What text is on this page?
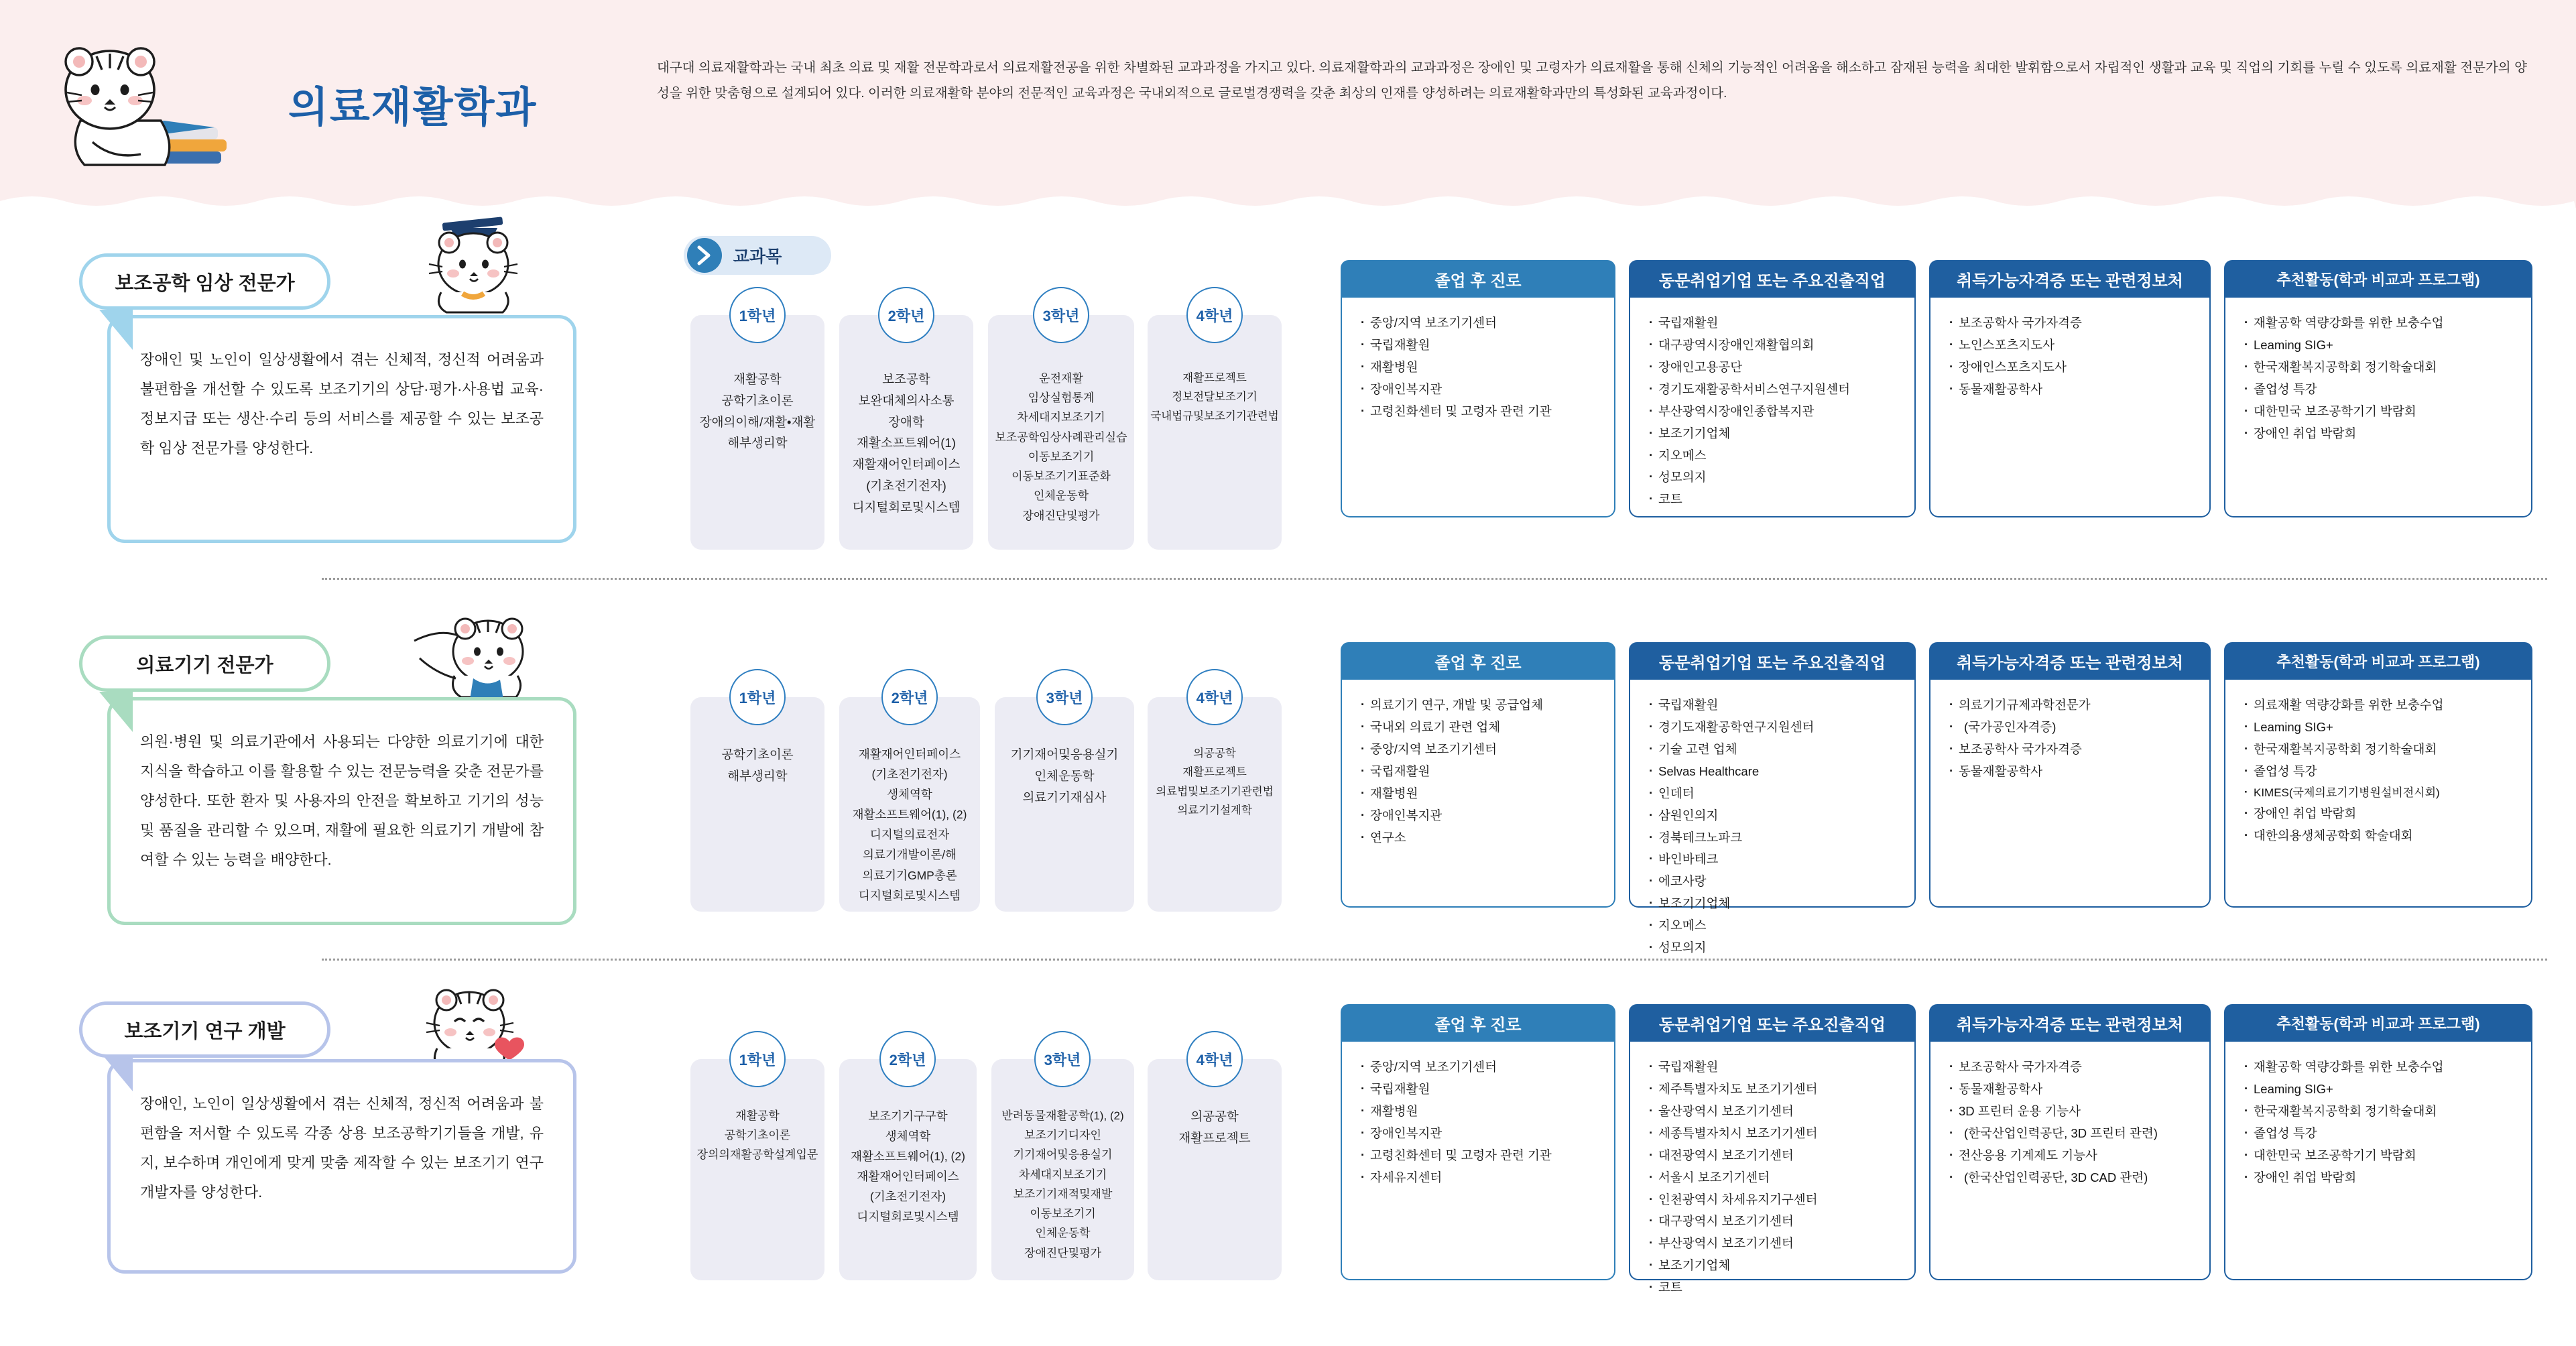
의료재활학과
대구대 의료재활학과는 국내 최초 의료 및 재활 전문학과로서 의료재활전공을 위한 차별화된 교과과정을 가지고 있다. 의료재활학과의 교과과정은 장애인 및 고령자가 의료재활을 통해 신체의 기능적인 어려움을 해소하고 잠재된 능력을 최대한 발휘함으로서 자립적인 생활과 교육 및 직업의 기회를 누릴 수 있도록 의료재활 전문가의 양성을 위한 맞춤형으로 설계되어 있다. 이러한 의료재활학 분야의 전문적인 교육과정은 국내외적으로 글로벌경쟁력을 갖춘 최상의 인재를 양성하려는 의료재활학과만의 특성화된 교육과정이다.
교과목
보조공학 임상 전문가
장애인 및 노인이 일상생활에서 겪는 신체적, 정신적 어려움과 불편함을 개선할 수 있도록 보조기기의 상담·평가·사용법 교육·정보지급 또는 생산·수리 등의 서비스를 제공할 수 있는 보조공학 임상 전문가를 양성한다.
재활공학
공학기초이론
장애의이해/재활•재활
해부생리학
1학년
보조공학
보완대체의사소통
장애학
재활소프트웨어(1)
재활재어인터페이스
(기초전기전자)
디지털회로및시스템
2학년
운전재활
임상실험통계
차세대지보조기기
보조공학임상사례관리실습
이동보조기기
이동보조기기표준화
인체운동학
장애진단및평가
3학년
재활프로젝트
정보전달보조기기
국내법규및보조기기관련법
4학년
졸업 후 진로
· 중앙/지역 보조기기센터
· 국립재활원
· 재활병원
· 장애인복지관
· 고령친화센터 및 고령자 관련 기관
동문취업기업 또는 주요진출직업
· 국립재활원
· 대구광역시장애인재활협의회
· 장애인고용공단
· 경기도재활공학서비스연구지원센터
· 부산광역시장애인종합복지관
· 보조기기업체
· 지오메스
· 성모의지
· 코트
취득가능자격증 또는 관련정보처
· 보조공학사 국가자격증
· 노인스포츠지도사
· 장애인스포츠지도사
· 동물재활공학사
추천활동(학과 비교과 프로그램)
· 재활공학 역량강화를 위한 보충수업
· Leaming SIG+
· 한국재활복지공학회 정기학술대회
· 졸업성 특강
· 대한민국 보조공학기기 박람회
· 장애인 취업 박람회
의료기기 전문가
의원·병원 및 의료기관에서 사용되는 다양한 의료기기에 대한 지식을 학습하고 이를 활용할 수 있는 전문능력을 갖춘 전문가를 양성한다. 또한 환자 및 사용자의 안전을 확보하고 기기의 성능 및 품질을 관리할 수 있으며, 재활에 필요한 의료기기 개발에 참여할 수 있는 능력을 배양한다.
공학기초이론
해부생리학
1학년
재활재어인터페이스
(기초전기전자)
생체역학
재활소프트웨어(1), (2)
디지털의료전자
의료기개발이론/해
의료기기GMP총론
디지털회로및시스템
2학년
기기재어및응용실기
인체운동학
의료기기재심사
3학년
의공공학
재활프로젝트
의료법및보조기기관련법
의료기기설계학
4학년
졸업 후 진로
· 의료기기 연구, 개발 및 공급업체
· 국내외 의료기 관련 업체
· 중앙/지역 보조기기센터
· 국립재활원
· 재활병원
· 장애인복지관
· 연구소
동문취업기업 또는 주요진출직업
· 국립재활원
· 경기도재활공학연구지원센터
· 기술 고련 업체
· Selvas Healthcare
· 인데터
· 삼원인의지
· 경북테크노파크
· 바인바테크
· 에코사랑
· 보조기기업체
· 지오메스
· 성모의지
취득가능자격증 또는 관련정보처
· 의료기기규제과학전문가
· (국가공인자격증)
· 보조공학사 국가자격증
· 동물재활공학사
추천활동(학과 비교과 프로그램)
· 의료재활 역량강화를 위한 보충수업
· Leaming SIG+
· 한국재활복지공학회 정기학술대회
· 졸업성 특강
· KIMES(국제의료기기병원설비전시회)
· 장애인 취업 박람회
· 대한의용생체공학회 학술대회
보조기기 연구 개발
장애인, 노인이 일상생활에서 겪는 신체적, 정신적 어려움과 불편함을 저서할 수 있도록 각종 상용 보조공학기기들을 개발, 유지, 보수하며 개인에게 맞게 맞춤 제작할 수 있는 보조기기 연구 개발자를 양성한다.
재활공학
공학기초이론
장의의재활공학설계입문
1학년
보조기기구구학
생체역학
재활소프트웨어(1), (2)
재활재어인터페이스
(기초전기전자)
디지털회로및시스템
2학년
반려동물재활공학(1), (2)
보조기기디자인
기기재어및응용실기
차세대지보조기기
보조기기재적및재발
이동보조기기
인체운동학
장애진단및평가
3학년
의공공학
재활프로젝트
4학년
졸업 후 진로
· 중앙/지역 보조기기센터
· 국립재활원
· 재활병원
· 장애인복지관
· 고령친화센터 및 고령자 관련 기관
· 자세유지센터
동문취업기업 또는 주요진출직업
· 국립재활원
· 제주특별자치도 보조기기센터
· 울산광역시 보조기기센터
· 세종특별자치시 보조기기센터
· 대전광역시 보조기기센터
· 서울시 보조기기센터
· 인천광역시 차세유지기구센터
· 대구광역시 보조기기센터
· 부산광역시 보조기기센터
· 보조기기업체
· 코트
취득가능자격증 또는 관련정보처
· 보조공학사 국가자격증
· 동물재활공학사
· 3D 프린터 운용 기능사
· (한국산업인력공단, 3D 프린터 관련)
· 전산응용 기계제도 기능사
· (한국산업인력공단, 3D CAD 관련)
추천활동(학과 비교과 프로그램)
· 재활공학 역량강화를 위한 보충수업
· Leaming SIG+
· 한국재활복지공학회 정기학술대회
· 졸업성 특강
· 대한민국 보조공학기기 박람회
· 장애인 취업 박람회
